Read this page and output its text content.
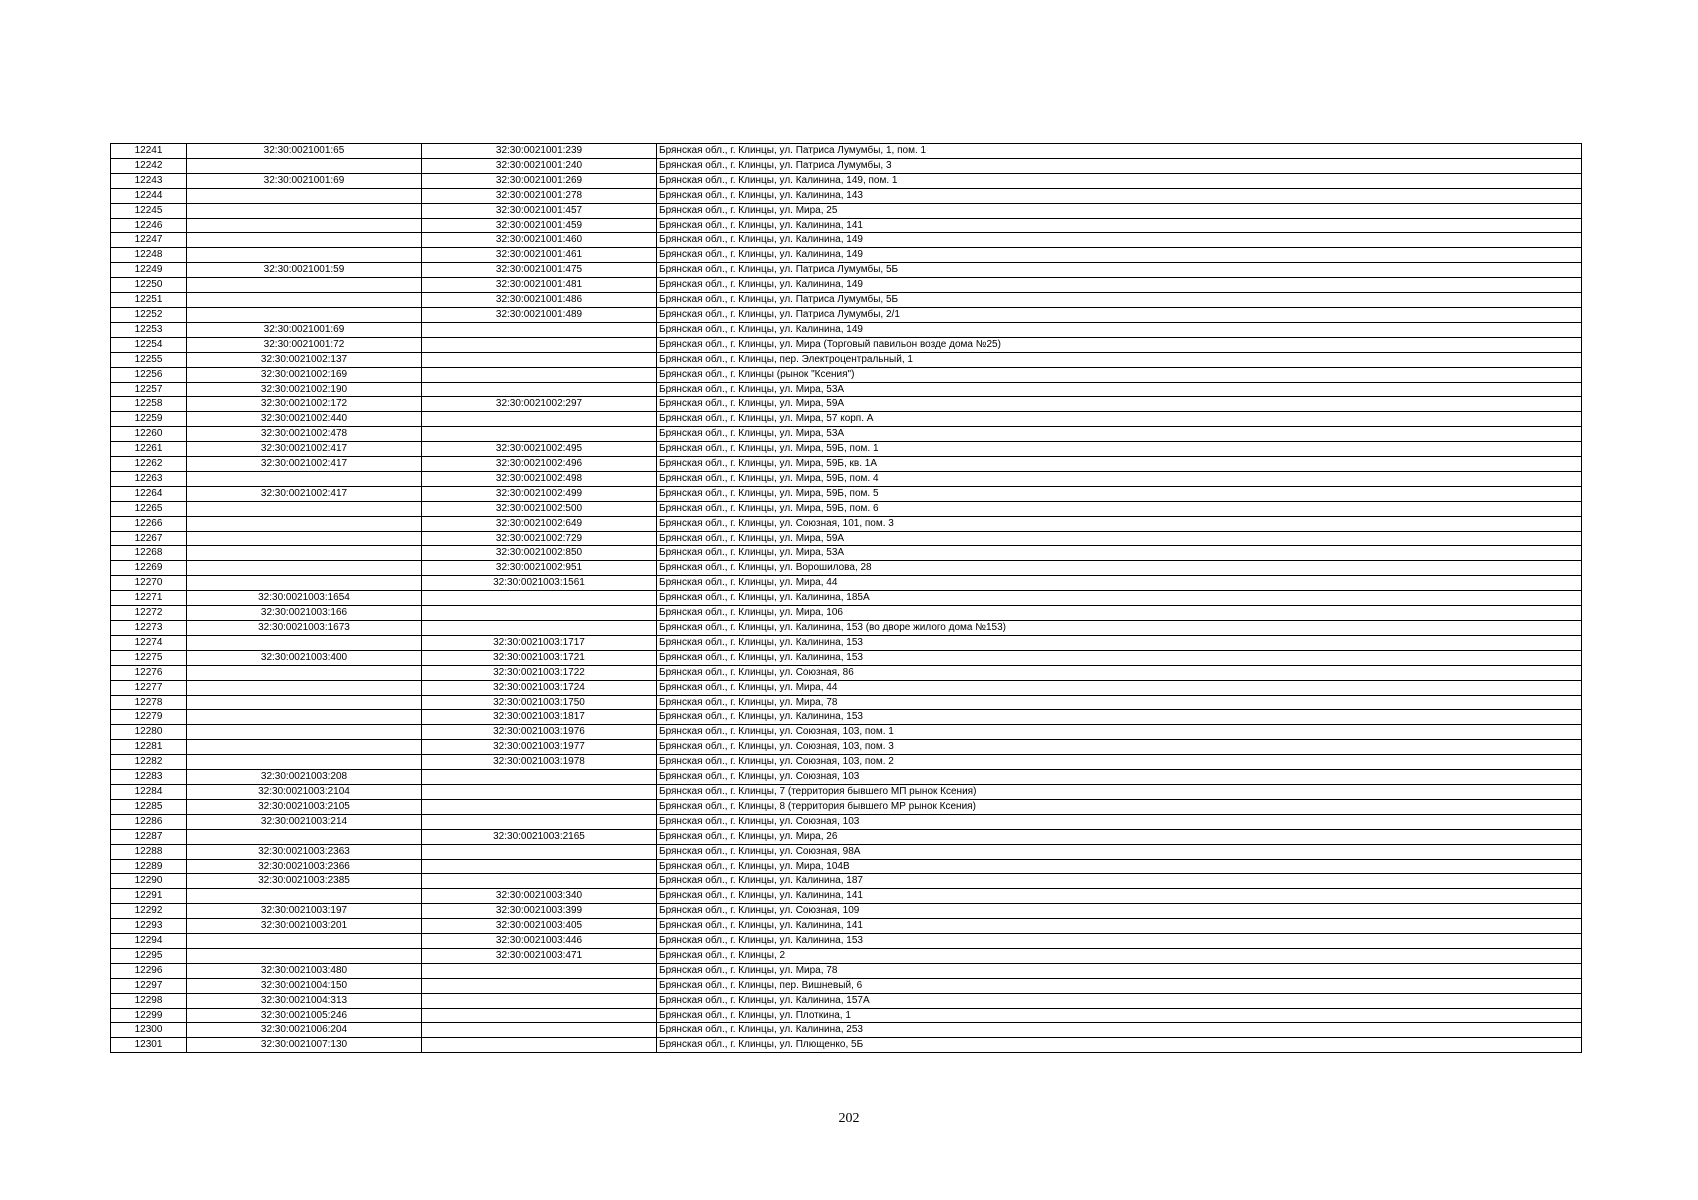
12241	32:30:0021001:65	32:30:0021001:239	Брянская обл., г. Клинцы, ул. Патриса Лумумбы, 1, пом. 1
12242		32:30:0021001:240	Брянская обл., г. Клинцы, ул. Патриса Лумумбы, 3
12243	32:30:0021001:69	32:30:0021001:269	Брянская обл., г. Клинцы, ул. Калинина, 149, пом. 1
12244		32:30:0021001:278	Брянская обл., г. Клинцы, ул. Калинина, 143
12245		32:30:0021001:457	Брянская обл., г. Клинцы, ул. Мира, 25
12246		32:30:0021001:459	Брянская обл., г. Клинцы, ул. Калинина, 141
12247		32:30:0021001:460	Брянская обл., г. Клинцы, ул. Калинина, 149
12248		32:30:0021001:461	Брянская обл., г. Клинцы, ул. Калинина, 149
12249	32:30:0021001:59	32:30:0021001:475	Брянская обл., г. Клинцы, ул. Патриса Лумумбы, 5Б
12250		32:30:0021001:481	Брянская обл., г. Клинцы, ул. Калинина, 149
12251		32:30:0021001:486	Брянская обл., г. Клинцы, ул. Патриса Лумумбы, 5Б
12252		32:30:0021001:489	Брянская обл., г. Клинцы, ул. Патриса Лумумбы, 2/1
12253	32:30:0021001:69		Брянская обл., г. Клинцы, ул. Калинина, 149
12254	32:30:0021001:72		Брянская обл., г. Клинцы, ул. Мира (Торговый павильон возде дома №25)
12255	32:30:0021002:137		Брянская обл., г. Клинцы, пер. Электроцентральный, 1
12256	32:30:0021002:169		Брянская обл., г. Клинцы (рынок "Ксения")
12257	32:30:0021002:190		Брянская обл., г. Клинцы, ул. Мира, 53А
12258	32:30:0021002:172	32:30:0021002:297	Брянская обл., г. Клинцы, ул. Мира, 59А
12259	32:30:0021002:440		Брянская обл., г. Клинцы, ул. Мира, 57 корп. А
12260	32:30:0021002:478		Брянская обл., г. Клинцы, ул. Мира, 53А
12261	32:30:0021002:417	32:30:0021002:495	Брянская обл., г. Клинцы, ул. Мира, 59Б, пом. 1
12262	32:30:0021002:417	32:30:0021002:496	Брянская обл., г. Клинцы, ул. Мира, 59Б, кв. 1А
12263		32:30:0021002:498	Брянская обл., г. Клинцы, ул. Мира, 59Б, пом. 4
12264	32:30:0021002:417	32:30:0021002:499	Брянская обл., г. Клинцы, ул. Мира, 59Б, пом. 5
12265		32:30:0021002:500	Брянская обл., г. Клинцы, ул. Мира, 59Б, пом. 6
12266		32:30:0021002:649	Брянская обл., г. Клинцы, ул. Союзная, 101, пом. 3
12267		32:30:0021002:729	Брянская обл., г. Клинцы, ул. Мира, 59А
12268		32:30:0021002:850	Брянская обл., г. Клинцы, ул. Мира, 53А
12269		32:30:0021002:951	Брянская обл., г. Клинцы, ул. Ворошилова, 28
12270		32:30:0021003:1561	Брянская обл., г. Клинцы, ул. Мира, 44
12271	32:30:0021003:1654		Брянская обл., г. Клинцы, ул. Калинина, 185А
12272	32:30:0021003:166		Брянская обл., г. Клинцы, ул. Мира, 106
12273	32:30:0021003:1673		Брянская обл., г. Клинцы, ул. Калинина, 153 (во дворе жилого дома №153)
12274		32:30:0021003:1717	Брянская обл., г. Клинцы, ул. Калинина, 153
12275	32:30:0021003:400	32:30:0021003:1721	Брянская обл., г. Клинцы, ул. Калинина, 153
12276		32:30:0021003:1722	Брянская обл., г. Клинцы, ул. Союзная, 86
12277		32:30:0021003:1724	Брянская обл., г. Клинцы, ул. Мира, 44
12278		32:30:0021003:1750	Брянская обл., г. Клинцы, ул. Мира, 78
12279		32:30:0021003:1817	Брянская обл., г. Клинцы, ул. Калинина, 153
12280		32:30:0021003:1976	Брянская обл., г. Клинцы, ул. Союзная, 103, пом. 1
12281		32:30:0021003:1977	Брянская обл., г. Клинцы, ул. Союзная, 103, пом. 3
12282		32:30:0021003:1978	Брянская обл., г. Клинцы, ул. Союзная, 103, пом. 2
12283	32:30:0021003:208		Брянская обл., г. Клинцы, ул. Союзная, 103
12284	32:30:0021003:2104		Брянская обл., г. Клинцы, 7 (территория бывшего МП рынок Ксения)
12285	32:30:0021003:2105		Брянская обл., г. Клинцы, 8 (территория бывшего МР рынок Ксения)
12286	32:30:0021003:214		Брянская обл., г. Клинцы, ул. Союзная, 103
12287		32:30:0021003:2165	Брянская обл., г. Клинцы, ул. Мира, 26
12288	32:30:0021003:2363		Брянская обл., г. Клинцы, ул. Союзная, 98А
12289	32:30:0021003:2366		Брянская обл., г. Клинцы, ул. Мира, 104В
12290	32:30:0021003:2385		Брянская обл., г. Клинцы, ул. Калинина, 187
12291		32:30:0021003:340	Брянская обл., г. Клинцы, ул. Калинина, 141
12292	32:30:0021003:197	32:30:0021003:399	Брянская обл., г. Клинцы, ул. Союзная, 109
12293	32:30:0021003:201	32:30:0021003:405	Брянская обл., г. Клинцы, ул. Калинина, 141
12294		32:30:0021003:446	Брянская обл., г. Клинцы, ул. Калинина, 153
12295		32:30:0021003:471	Брянская обл., г. Клинцы, 2
12296	32:30:0021003:480		Брянская обл., г. Клинцы, ул. Мира, 78
12297	32:30:0021004:150		Брянская обл., г. Клинцы, пер. Вишневый, 6
12298	32:30:0021004:313		Брянская обл., г. Клинцы, ул. Калинина, 157А
12299	32:30:0021005:246		Брянская обл., г. Клинцы, ул. Плоткина, 1
12300	32:30:0021006:204		Брянская обл., г. Клинцы, ул. Калинина, 253
12301	32:30:0021007:130		Брянская обл., г. Клинцы, ул. Плющенко, 5Б
202
